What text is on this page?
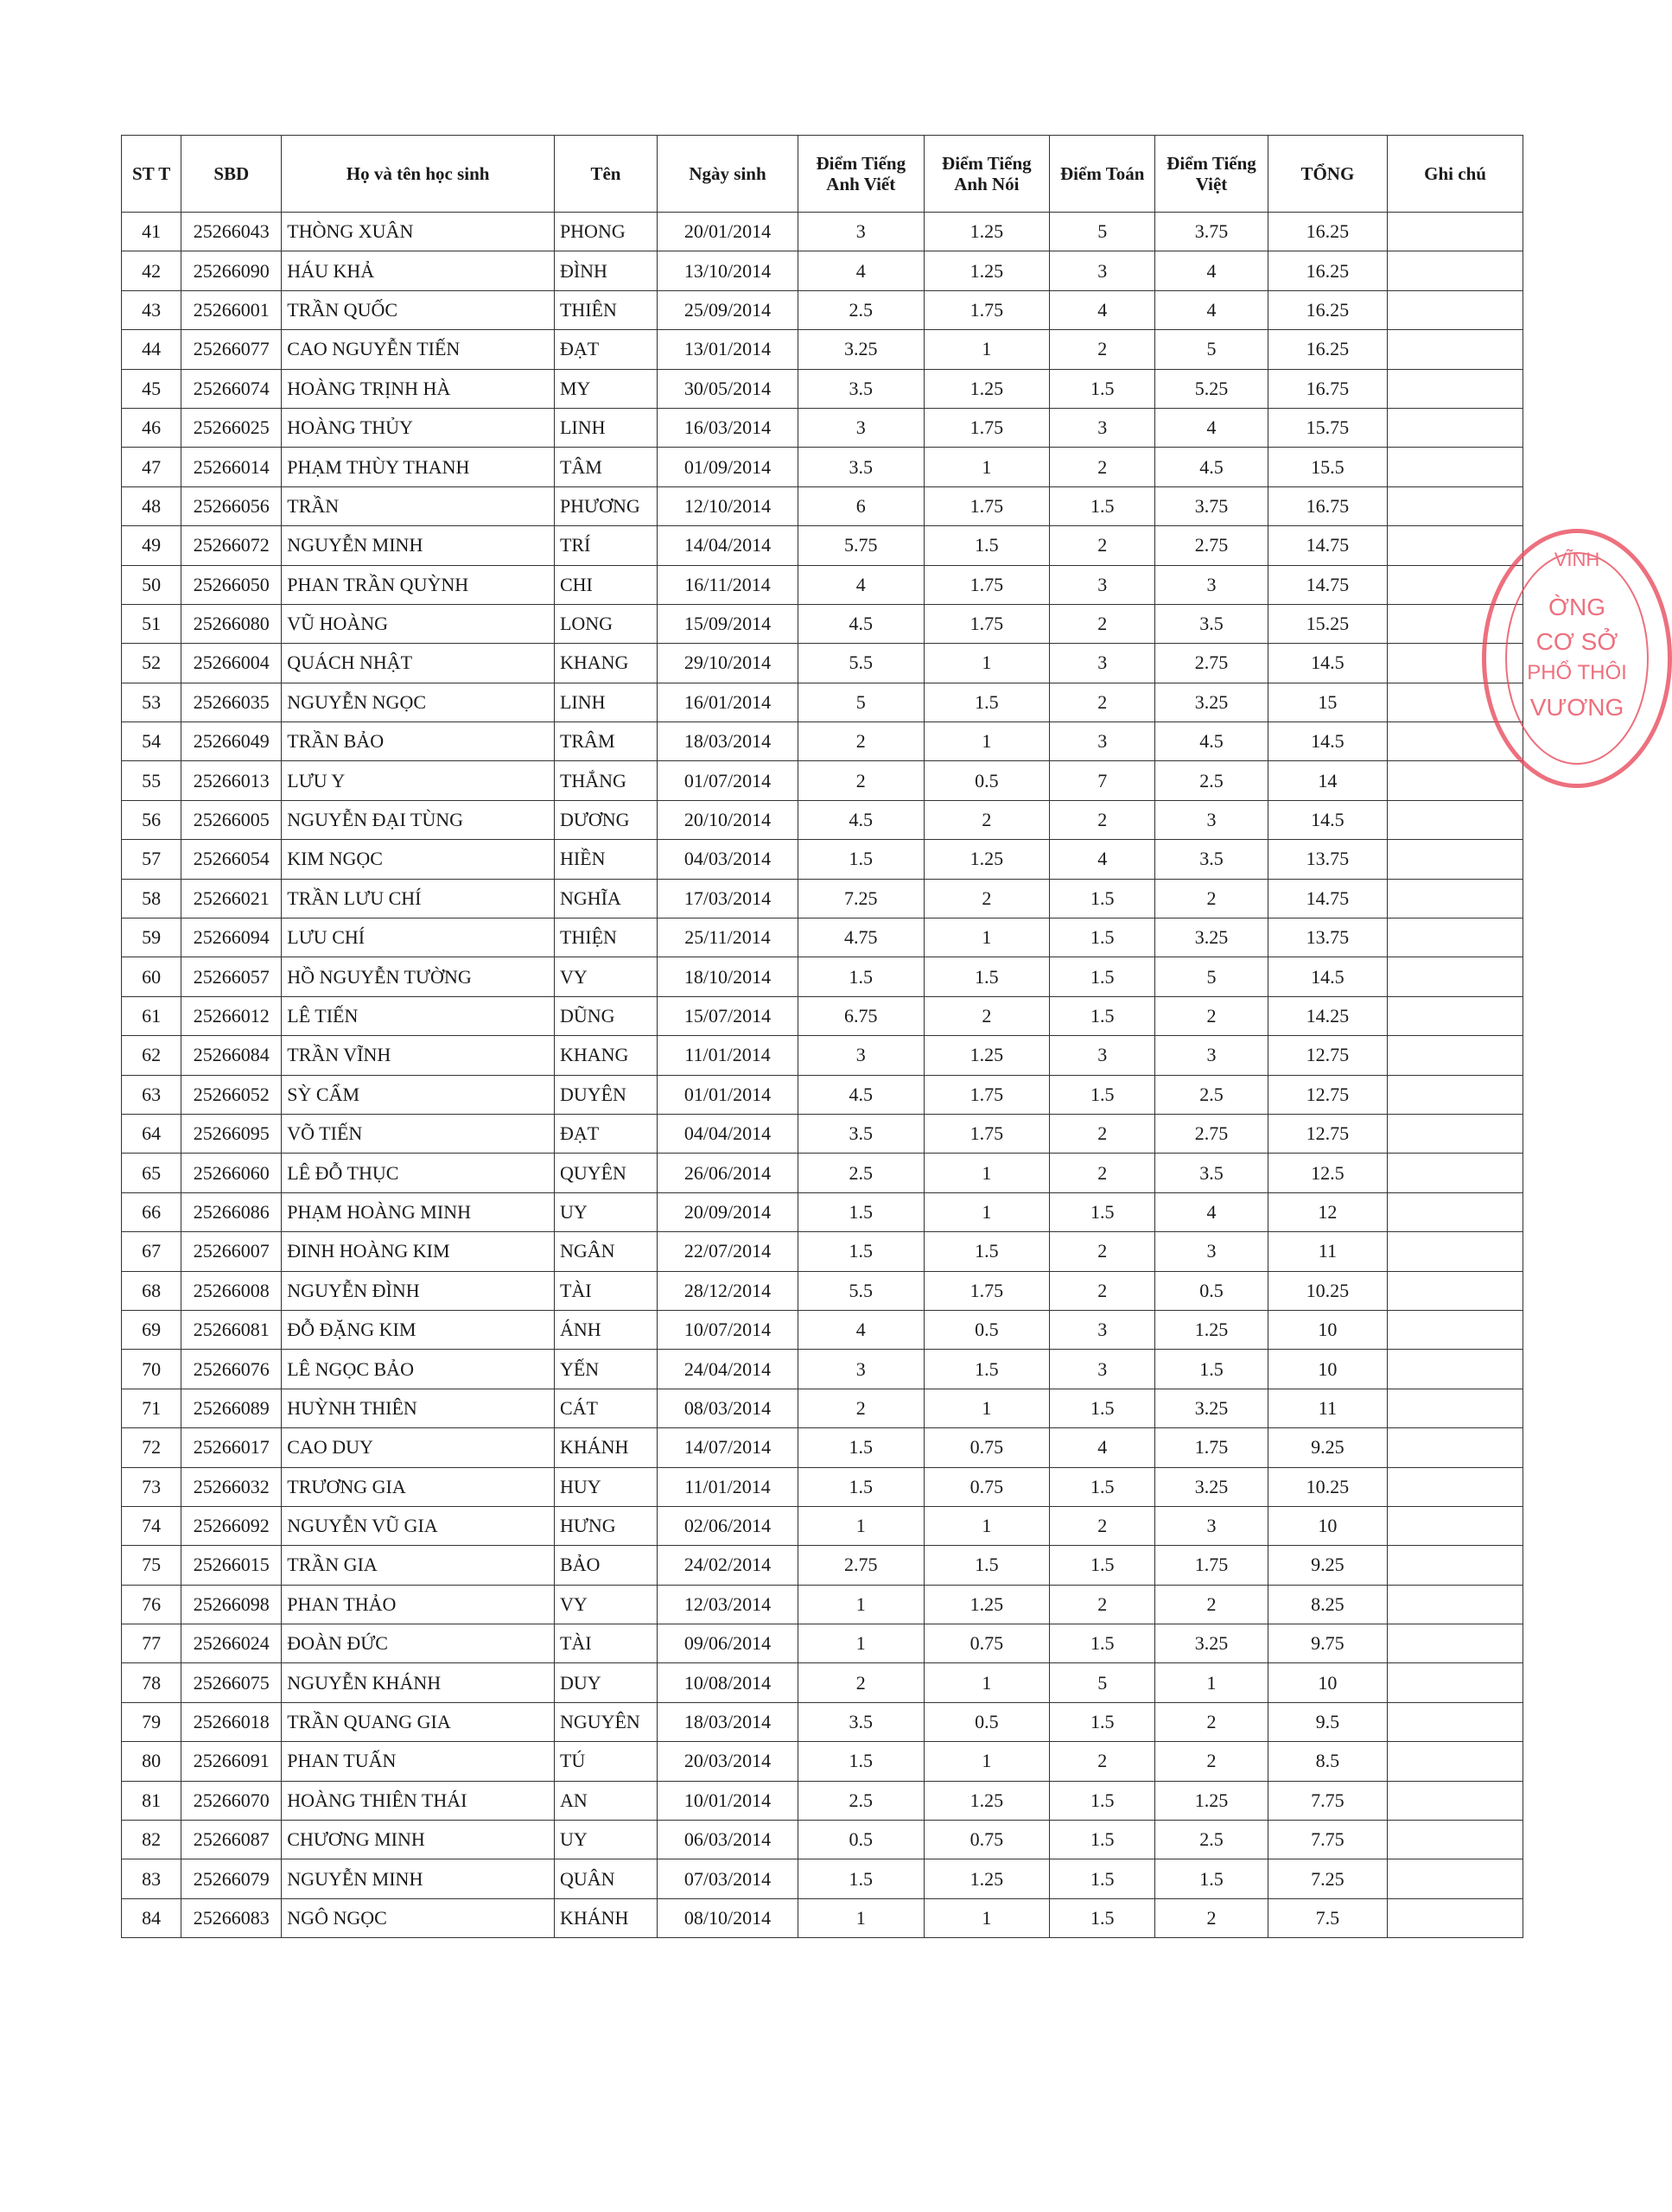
ST T	SBD	Họ và tên học sinh	Tên	Ngày sinh	Điểm Tiếng Anh Viết	Điểm Tiếng Anh Nói	Điểm Toán	Điểm Tiếng Việt	TỔNG	Ghi chú
41	25266043	THÒNG XUÂN	PHONG	20/01/2014	3	1.25	5	3.75	16.25	
42	25266090	HÁU KHẢ	ĐÌNH	13/10/2014	4	1.25	3	4	16.25	
43	25266001	TRẦN QUỐC	THIÊN	25/09/2014	2.5	1.75	4	4	16.25	
44	25266077	CAO NGUYỄN TIẾN	ĐẠT	13/01/2014	3.25	1	2	5	16.25	
45	25266074	HOÀNG TRỊNH HÀ	MY	30/05/2014	3.5	1.25	1.5	5.25	16.75	
46	25266025	HOÀNG THỦY	LINH	16/03/2014	3	1.75	3	4	15.75	
47	25266014	PHẠM THÙY THANH	TÂM	01/09/2014	3.5	1	2	4.5	15.5	
48	25266056	TRẦN	PHƯƠNG	12/10/2014	6	1.75	1.5	3.75	16.75	
49	25266072	NGUYỄN MINH	TRÍ	14/04/2014	5.75	1.5	2	2.75	14.75	
50	25266050	PHAN TRẦN QUỲNH	CHI	16/11/2014	4	1.75	3	3	14.75	
51	25266080	VŨ HOÀNG	LONG	15/09/2014	4.5	1.75	2	3.5	15.25	
52	25266004	QUÁCH NHẬT	KHANG	29/10/2014	5.5	1	3	2.75	14.5	
53	25266035	NGUYỄN NGỌC	LINH	16/01/2014	5	1.5	2	3.25	15	
54	25266049	TRẦN BẢO	TRÂM	18/03/2014	2	1	3	4.5	14.5	
55	25266013	LƯU Y	THẮNG	01/07/2014	2	0.5	7	2.5	14	
56	25266005	NGUYỄN ĐẠI TÙNG	DƯƠNG	20/10/2014	4.5	2	2	3	14.5	
57	25266054	KIM NGỌC	HIỀN	04/03/2014	1.5	1.25	4	3.5	13.75	
58	25266021	TRẦN LƯU CHÍ	NGHĨA	17/03/2014	7.25	2	1.5	2	14.75	
59	25266094	LƯU CHÍ	THIỆN	25/11/2014	4.75	1	1.5	3.25	13.75	
60	25266057	HỒ NGUYỄN TƯỜNG	VY	18/10/2014	1.5	1.5	1.5	5	14.5	
61	25266012	LÊ TIẾN	DŨNG	15/07/2014	6.75	2	1.5	2	14.25	
62	25266084	TRẦN VĨNH	KHANG	11/01/2014	3	1.25	3	3	12.75	
63	25266052	SỲ CẨM	DUYÊN	01/01/2014	4.5	1.75	1.5	2.5	12.75	
64	25266095	VÕ TIẾN	ĐẠT	04/04/2014	3.5	1.75	2	2.75	12.75	
65	25266060	LÊ ĐỖ THỤC	QUYÊN	26/06/2014	2.5	1	2	3.5	12.5	
66	25266086	PHẠM HOÀNG MINH	UY	20/09/2014	1.5	1	1.5	4	12	
67	25266007	ĐINH HOÀNG KIM	NGÂN	22/07/2014	1.5	1.5	2	3	11	
68	25266008	NGUYỄN ĐÌNH	TÀI	28/12/2014	5.5	1.75	2	0.5	10.25	
69	25266081	ĐỖ ĐẶNG KIM	ÁNH	10/07/2014	4	0.5	3	1.25	10	
70	25266076	LÊ NGỌC BẢO	YẾN	24/04/2014	3	1.5	3	1.5	10	
71	25266089	HUỲNH THIÊN	CÁT	08/03/2014	2	1	1.5	3.25	11	
72	25266017	CAO DUY	KHÁNH	14/07/2014	1.5	0.75	4	1.75	9.25	
73	25266032	TRƯƠNG GIA	HUY	11/01/2014	1.5	0.75	1.5	3.25	10.25	
74	25266092	NGUYỄN VŨ GIA	HƯNG	02/06/2014	1	1	2	3	10	
75	25266015	TRẦN GIA	BẢO	24/02/2014	2.75	1.5	1.5	1.75	9.25	
76	25266098	PHAN THẢO	VY	12/03/2014	1	1.25	2	2	8.25	
77	25266024	ĐOÀN ĐỨC	TÀI	09/06/2014	1	0.75	1.5	3.25	9.75	
78	25266075	NGUYỄN KHÁNH	DUY	10/08/2014	2	1	5	1	10	
79	25266018	TRẦN QUANG GIA	NGUYÊN	18/03/2014	3.5	0.5	1.5	2	9.5	
80	25266091	PHAN TUẤN	TÚ	20/03/2014	1.5	1	2	2	8.5	
81	25266070	HOÀNG THIÊN THÁI	AN	10/01/2014	2.5	1.25	1.5	1.25	7.75	
82	25266087	CHƯƠNG MINH	UY	06/03/2014	0.5	0.75	1.5	2.5	7.75	
83	25266079	NGUYỄN MINH	QUÂN	07/03/2014	1.5	1.25	1.5	1.5	7.25	
84	25266083	NGÔ NGỌC	KHÁNH	08/10/2014	1	1	1.5	2	7.5	
VĨNH
ỜNG
CƠ SỞ
PHỔ THÔI
VƯƠNG
